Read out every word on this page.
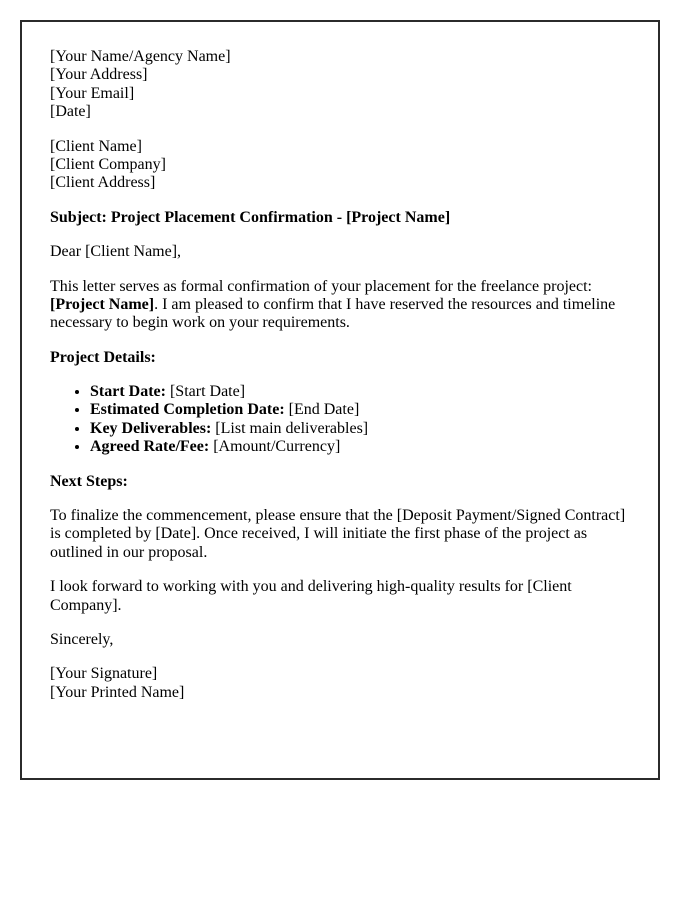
[Your Name/Agency Name]
[Your Address]
[Your Email]
[Date]

[Client Name]
[Client Company]
[Client Address]

Subject: Project Placement Confirmation - [Project Name]

Dear [Client Name],

This letter serves as formal confirmation of your placement for the freelance project: [Project Name]. I am pleased to confirm that I have reserved the resources and timeline necessary to begin work on your requirements.

Project Details:

• Start Date: [Start Date]
• Estimated Completion Date: [End Date]
• Key Deliverables: [List main deliverables]
• Agreed Rate/Fee: [Amount/Currency]

Next Steps:

To finalize the commencement, please ensure that the [Deposit Payment/Signed Contract] is completed by [Date]. Once received, I will initiate the first phase of the project as outlined in our proposal.

I look forward to working with you and delivering high-quality results for [Client Company].

Sincerely,

[Your Signature]
[Your Printed Name]
